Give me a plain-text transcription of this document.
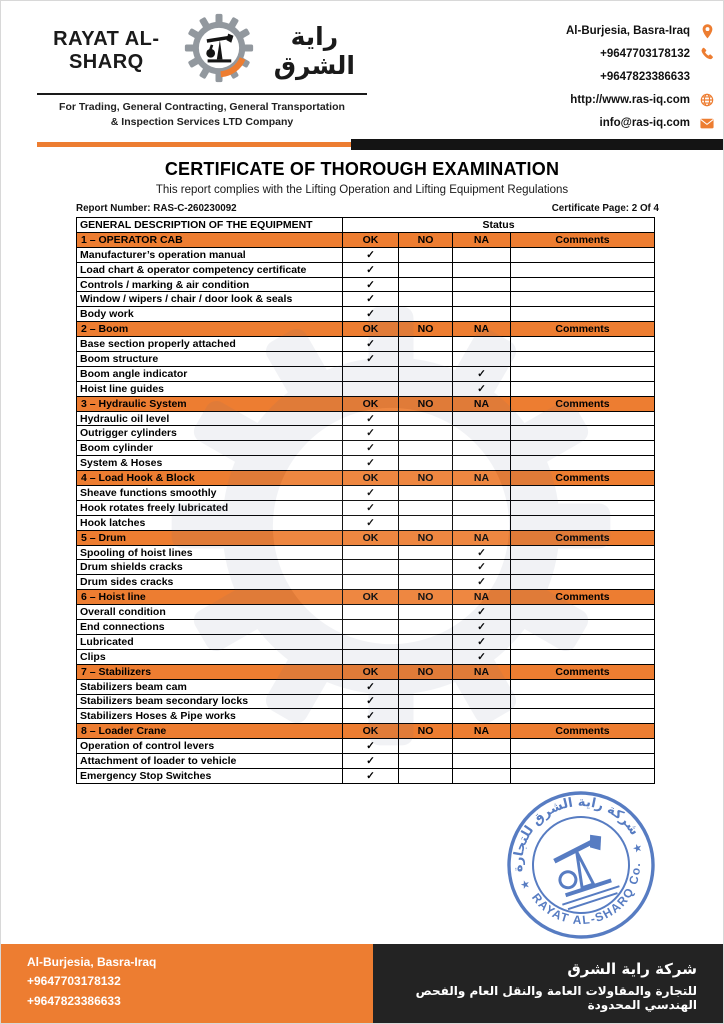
RAYAT AL-SHARQ
راية الشرق
For Trading, General Contracting, General Transportation
& Inspection Services LTD Company
Al-Burjesia, Basra-Iraq
+9647703178132
+9647823386633
http://www.ras-iq.com
info@ras-iq.com
CERTIFICATE OF THOROUGH EXAMINATION
This report complies with the Lifting Operation and Lifting Equipment Regulations
Report Number: RAS-C-260230092	Certificate Page: 2 Of 4
GENERAL DESCRIPTION OF THE EQUIPMENT	Status			
1 – OPERATOR CAB	OK	NO	NA	Comments
Manufacturer’s operation manual	✓			
Load chart & operator competency certificate	✓			
Controls / marking & air condition	✓			
Window / wipers / chair / door look & seals	✓			
Body work	✓			
2 – Boom	OK	NO	NA	Comments
Base section properly attached	✓			
Boom structure	✓			
Boom angle indicator			✓	
Hoist line guides			✓	
3 – Hydraulic System	OK	NO	NA	Comments
Hydraulic oil level	✓			
Outrigger cylinders	✓			
Boom cylinder	✓			
System & Hoses	✓			
4 – Load Hook & Block	OK	NO	NA	Comments
Sheave functions smoothly	✓			
Hook rotates freely lubricated	✓			
Hook latches	✓			
5 – Drum	OK	NO	NA	Comments
Spooling of hoist lines			✓	
Drum shields cracks			✓	
Drum sides cracks			✓	
6 – Hoist line	OK	NO	NA	Comments
Overall condition			✓	
End connections			✓	
Lubricated			✓	
Clips			✓	
7 – Stabilizers	OK	NO	NA	Comments
Stabilizers beam cam	✓			
Stabilizers beam secondary locks	✓			
Stabilizers Hoses & Pipe works	✓			
8 – Loader Crane	OK	NO	NA	Comments
Operation of control levers	✓			
Attachment of loader to vehicle	✓			
Emergency Stop Switches	✓			
شركة راية الشرق للتجارة
RAYAT AL-SHARQ Co.
★
★
Al-Burjesia, Basra-Iraq
+9647703178132
+9647823386633
شركة راية الشرق
للتجارة والمقاولات العامة والنقل العام والفحص الهندسي المحدودة
